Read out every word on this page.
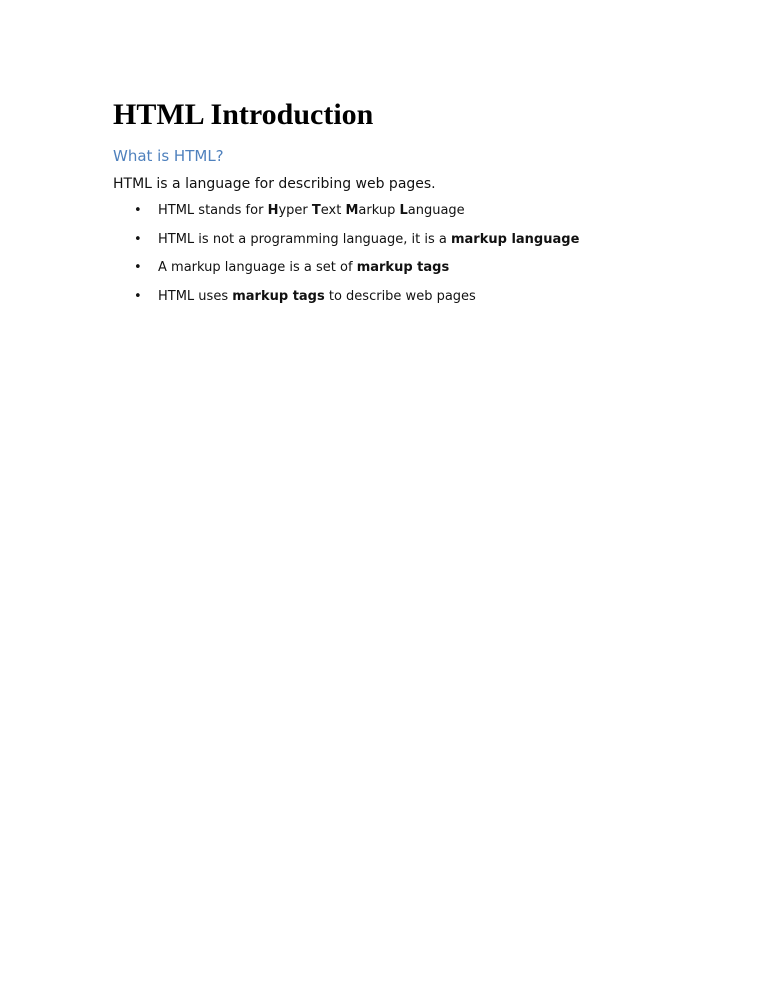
HTML Introduction
What is HTML?

HTML is a language for describing web pages.

• HTML stands for Hyper Text Markup Language
• HTML is not a programming language, it is a markup language
• A markup language is a set of markup tags
• HTML uses markup tags to describe web pages
